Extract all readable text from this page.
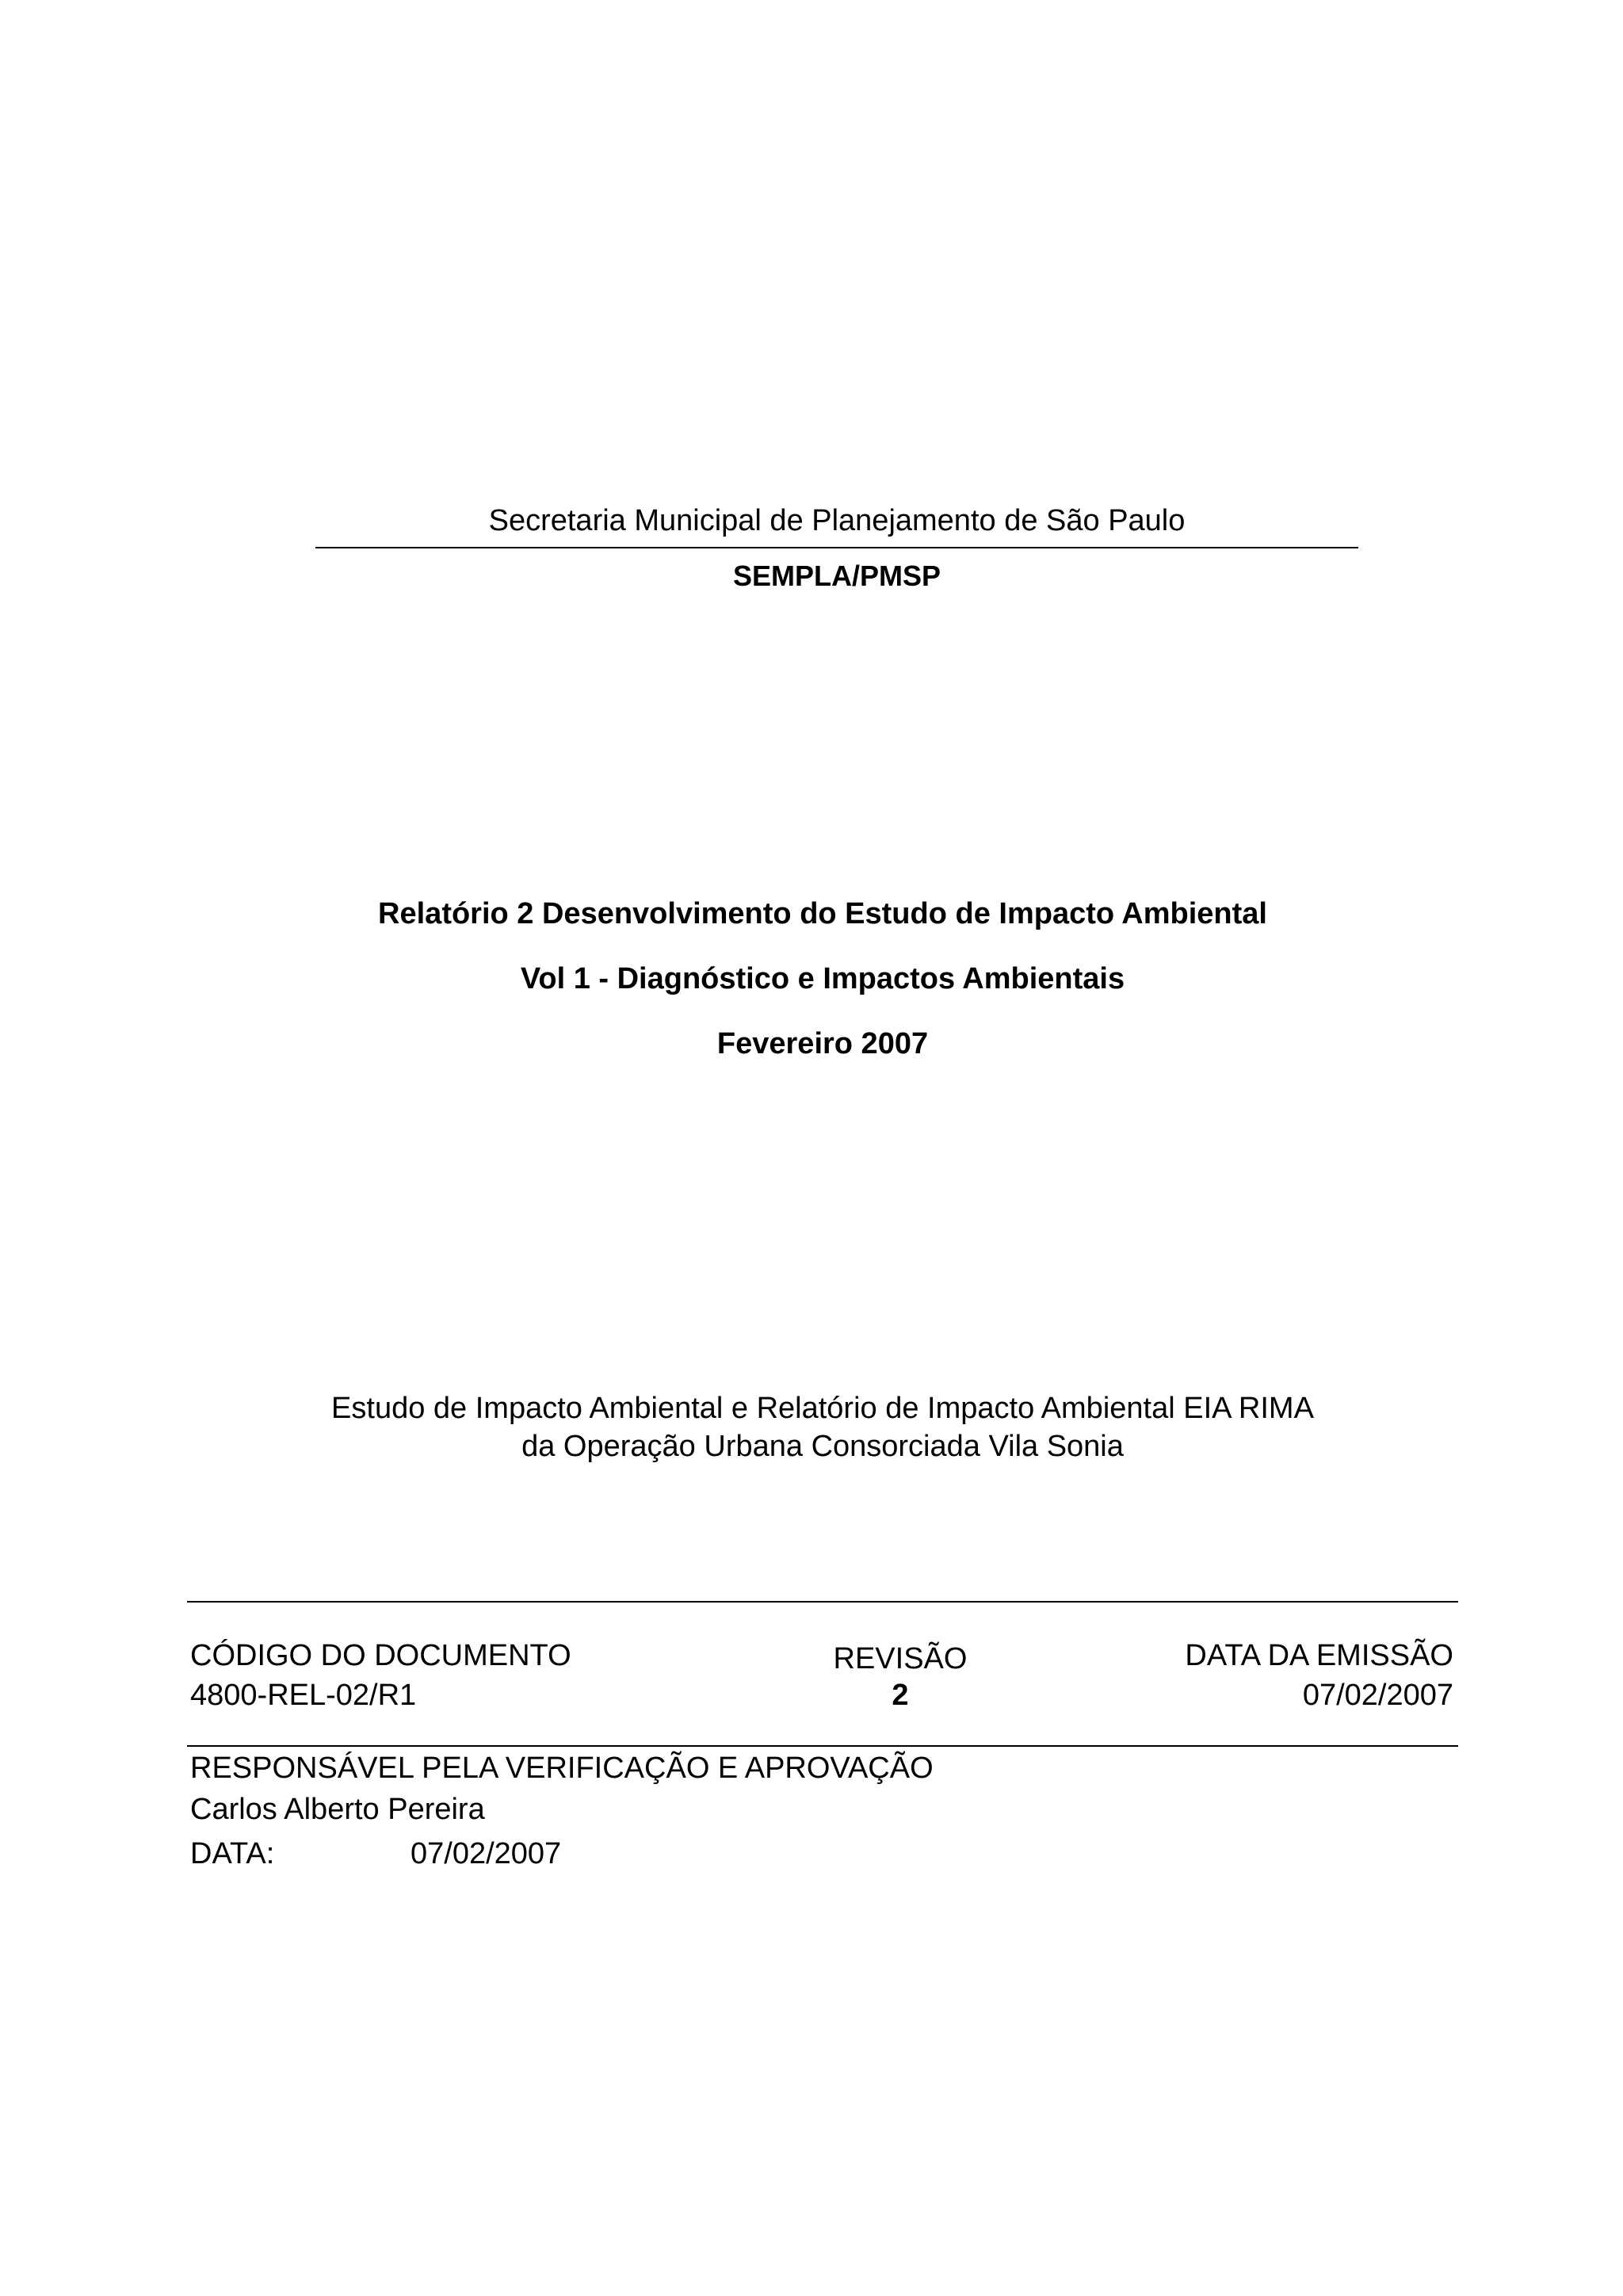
Secretaria Municipal de Planejamento de São Paulo
SEMPLA/PMSP
Relatório 2 Desenvolvimento do Estudo de Impacto Ambiental
Vol 1 - Diagnóstico e Impactos Ambientais
Fevereiro 2007
Estudo de Impacto Ambiental e Relatório de Impacto Ambiental EIA RIMA
da Operação Urbana Consorciada Vila Sonia
CÓDIGO DO DOCUMENTO
4800-REL-02/R1
REVISÃO
2
DATA DA EMISSÃO
07/02/2007
RESPONSÁVEL PELA VERIFICAÇÃO E APROVAÇÃO
Carlos Alberto Pereira
DATA:	07/02/2007
